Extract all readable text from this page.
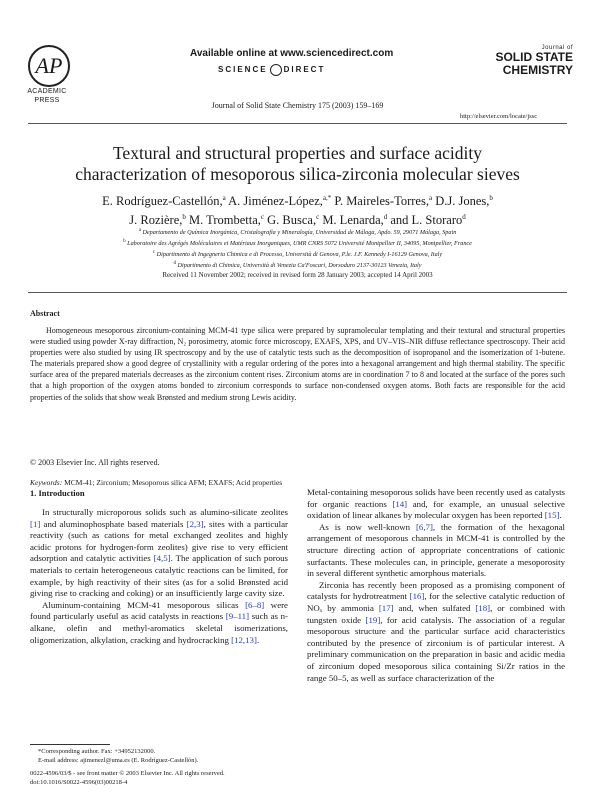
AP
ACADEMIC
PRESS
Available online at www.sciencedirect.com
SCIENCE DIRECT
Journal of Solid State Chemistry 175 (2003) 159–169
Journal of
SOLID STATE
CHEMISTRY
http://elsevier.com/locate/jssc
Textural and structural properties and surface acidity
characterization of mesoporous silica-zirconia molecular sieves
E. Rodríguez-Castellón,$^a$ A. Jiménez-López,$^{a,*}$ P. Maireles-Torres,$^a$ D.J. Jones,$^b$
J. Rozière,$^b$ M. Trombetta,$^c$ G. Busca,$^c$ M. Lenarda,$^d$ and L. Storaro$^d$
$^a$ Departamento de Química Inorgánica, Cristalografía y Mineralogía, Universidad de Málaga, Apdo. 59, 29071 Málaga, Spain
$^b$ Laboratoire des Agrégés Moléculaires et Matériaux Inorganiques, UMR CNRS 5072 Université Montpellier II, 34095, Montpellier, France
$^c$ Dipartimento di Ingegneria Chimica e di Processo, Università di Genova, P.le. J.F. Kennedy I-16129 Genova, Italy
$^d$ Dipartimento di Chimica, Università di Venezia Ca'Foscari, Dorsoduro 2137-30123 Venezia, Italy
Received 11 November 2002; received in revised form 28 January 2003; accepted 14 April 2003
Abstract
Homogeneous mesoporous zirconium-containing MCM-41 type silica were prepared by supramolecular templating and their textural and structural properties were studied using powder X-ray diffraction, N₂ porosimetry, atomic force microscopy, EXAFS, XPS, and UV–VIS–NIR diffuse reflectance spectroscopy. Their acid properties were also studied by using IR spectroscopy and by the use of catalytic tests such as the decomposition of isopropanol and the isomerization of 1-butene. The materials prepared show a good degree of crystallinity with a regular ordering of the pores into a hexagonal arrangement and high thermal stability. The specific surface area of the prepared materials decreases as the zirconium content rises. Zirconium atoms are in coordination 7 to 8 and located at the surface of the pores such that a high proportion of the oxygen atoms bonded to zirconium corresponds to surface non-condensed oxygen atoms. Both facts are responsible for the acid properties of the solids that show weak Brønsted and medium strong Lewis acidity.
© 2003 Elsevier Inc. All rights reserved.
Keywords: MCM-41; Zirconium; Mesoporous silica AFM; EXAFS; Acid properties
1. Introduction

In structurally microporous solids such as alumino-silicate zeolites [1] and aluminophosphate based materials [2,3], sites with a particular reactivity (such as cations for metal exchanged zeolites and highly acidic protons for hydrogen-form zeolites) give rise to very efficient adsorption and catalytic activities [4,5]. The application of such porous materials to certain heterogeneous catalytic reactions can be limited, for example, by high reactivity of their sites (as for a solid Brønsted acid giving rise to cracking and coking) or an insufficiently large cavity size.

Aluminum-containing MCM-41 mesoporous silicas [6–8] were found particularly useful as acid catalysts in reactions [9–11] such as n-alkane, olefin and methyl-aromatics skeletal isomerizations, oligomerization, alkylation, cracking and hydrocracking [12,13].

Metal-containing mesoporous solids have been recently used as catalysts for organic reactions [14] and, for example, an unusual selective oxidation of linear alkanes by molecular oxygen has been reported [15].

As is now well-known [6,7], the formation of the hexagonal arrangement of mesoporous channels in MCM-41 is controlled by the structure directing action of appropriate concentrations of cationic surfactants. These molecules can, in principle, generate a mesoporosity in several different synthetic amorphous materials.

Zirconia has recently been proposed as a promising component of catalysts for hydrotreatment [16], for the selective catalytic reduction of NOₓ by ammonia [17] and, when sulfated [18], or combined with tungsten oxide [19], for acid catalysis. The association of a regular mesoporous structure and the particular surface acid characteristics contributed by the presence of zirconium is of particular interest. A preliminary communication on the preparation in basic and acidic media of zirconium doped mesoporous silica containing Si/Zr ratios in the range 50–5, as well as surface characterization of the

*Corresponding author. Fax: +34952132000.
E-mail address: ajimenezl@uma.es (E. Rodríguez-Castellón).
0022-4596/03/$ - see front matter © 2003 Elsevier Inc. All rights reserved.
doi:10.1016/S0022-4596(03)00218-4
